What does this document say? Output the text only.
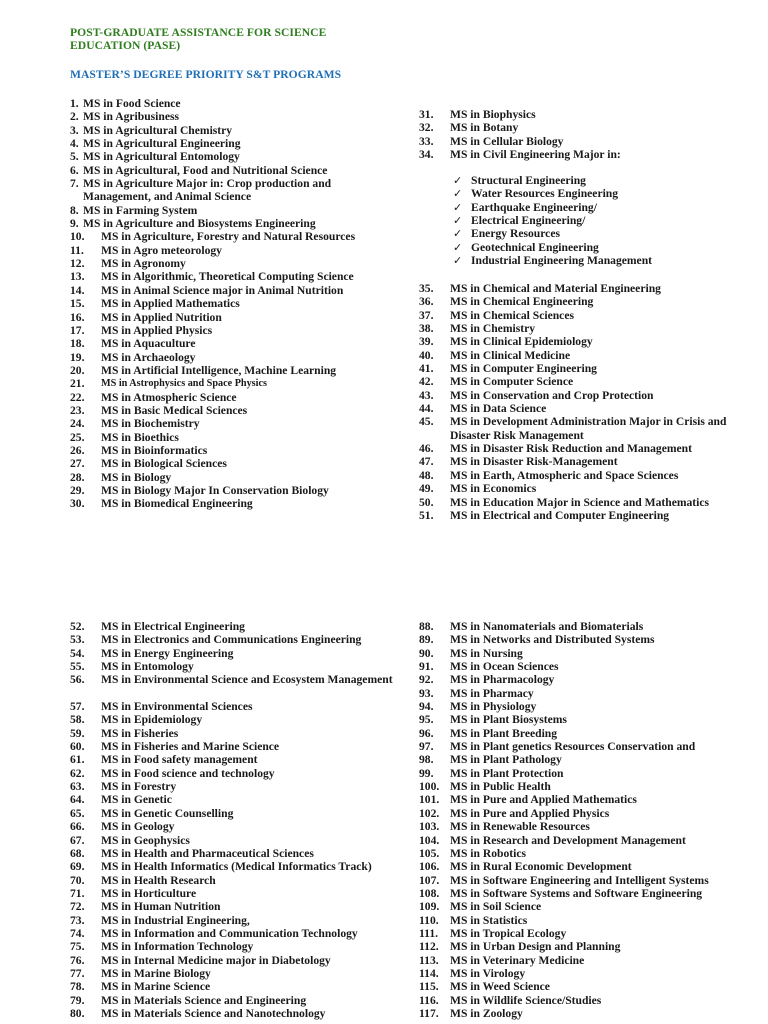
POST-GRADUATE ASSISTANCE FOR SCIENCE EDUCATION (PASE)
MASTER’S DEGREE PRIORITY S&T PROGRAMS
1. MS in Food Science
2. MS in Agribusiness
3. MS in Agricultural Chemistry
4. MS in Agricultural Engineering
5. MS in Agricultural Entomology
6. MS in Agricultural, Food and Nutritional Science
7. MS in Agriculture Major in: Crop production and Management, and Animal Science
8. MS in Farming System
9. MS in Agriculture and Biosystems Engineering
10. MS in Agriculture, Forestry and Natural Resources
11. MS in Agro meteorology
12. MS in Agronomy
13. MS in Algorithmic, Theoretical Computing Science
14. MS in Animal Science major in Animal Nutrition
15. MS in Applied Mathematics
16. MS in Applied Nutrition
17. MS in Applied Physics
18. MS in Aquaculture
19. MS in Archaeology
20. MS in Artificial Intelligence, Machine Learning
21. MS in Astrophysics and Space Physics
22. MS in Atmospheric Science
23. MS in Basic Medical Sciences
24. MS in Biochemistry
25. MS in Bioethics
26. MS in Bioinformatics
27. MS in Biological Sciences
28. MS in Biology
29. MS in Biology Major In Conservation Biology
30. MS in Biomedical Engineering
31. MS in Biophysics
32. MS in Botany
33. MS in Cellular Biology
34. MS in Civil Engineering Major in:
✓ Structural Engineering
✓ Water Resources Engineering
✓ Earthquake Engineering/
✓ Electrical Engineering/
✓ Energy Resources
✓ Geotechnical Engineering
✓ Industrial Engineering Management
35. MS in Chemical and Material Engineering
36. MS in Chemical Engineering
37. MS in Chemical Sciences
38. MS in Chemistry
39. MS in Clinical Epidemiology
40. MS in Clinical Medicine
41. MS in Computer Engineering
42. MS in Computer Science
43. MS in Conservation and Crop Protection
44. MS in Data Science
45. MS in Development Administration Major in Crisis and Disaster Risk Management
46. MS in Disaster Risk Reduction and Management
47. MS in Disaster Risk-Management
48. MS in Earth, Atmospheric and Space Sciences
49. MS in Economics
50. MS in Education Major in Science and Mathematics
51. MS in Electrical and Computer Engineering
52. MS in Electrical Engineering
53. MS in Electronics and Communications Engineering
54. MS in Energy Engineering
55. MS in Entomology
56. MS in Environmental Science and Ecosystem Management
57. MS in Environmental Sciences
58. MS in Epidemiology
59. MS in Fisheries
60. MS in Fisheries and Marine Science
61. MS in Food safety management
62. MS in Food science and technology
63. MS in Forestry
64. MS in Genetic
65. MS in Genetic Counselling
66. MS in Geology
67. MS in Geophysics
68. MS in Health and Pharmaceutical Sciences
69. MS in Health Informatics (Medical Informatics Track)
70. MS in Health Research
71. MS in Horticulture
72. MS in Human Nutrition
73. MS in Industrial Engineering,
74. MS in Information and Communication Technology
75. MS in Information Technology
76. MS in Internal Medicine major in Diabetology
77. MS in Marine Biology
78. MS in Marine Science
79. MS in Materials Science and Engineering
80. MS in Materials Science and Nanotechnology
88. MS in Nanomaterials and Biomaterials
89. MS in Networks and Distributed Systems
90. MS in Nursing
91. MS in Ocean Sciences
92. MS in Pharmacology
93. MS in Pharmacy
94. MS in Physiology
95. MS in Plant Biosystems
96. MS in Plant Breeding
97. MS in Plant genetics Resources Conservation and
98. MS in Plant Pathology
99. MS in Plant Protection
100. MS in Public Health
101. MS in Pure and Applied Mathematics
102. MS in Pure and Applied Physics
103. MS in Renewable Resources
104. MS in Research and Development Management
105. MS in Robotics
106. MS in Rural Economic Development
107. MS in Software Engineering and Intelligent Systems
108. MS in Software Systems and Software Engineering
109. MS in Soil Science
110. MS in Statistics
111. MS in Tropical Ecology
112. MS in Urban Design and Planning
113. MS in Veterinary Medicine
114. MS in Virology
115. MS in Weed Science
116. MS in Wildlife Science/Studies
117. MS in Zoology
